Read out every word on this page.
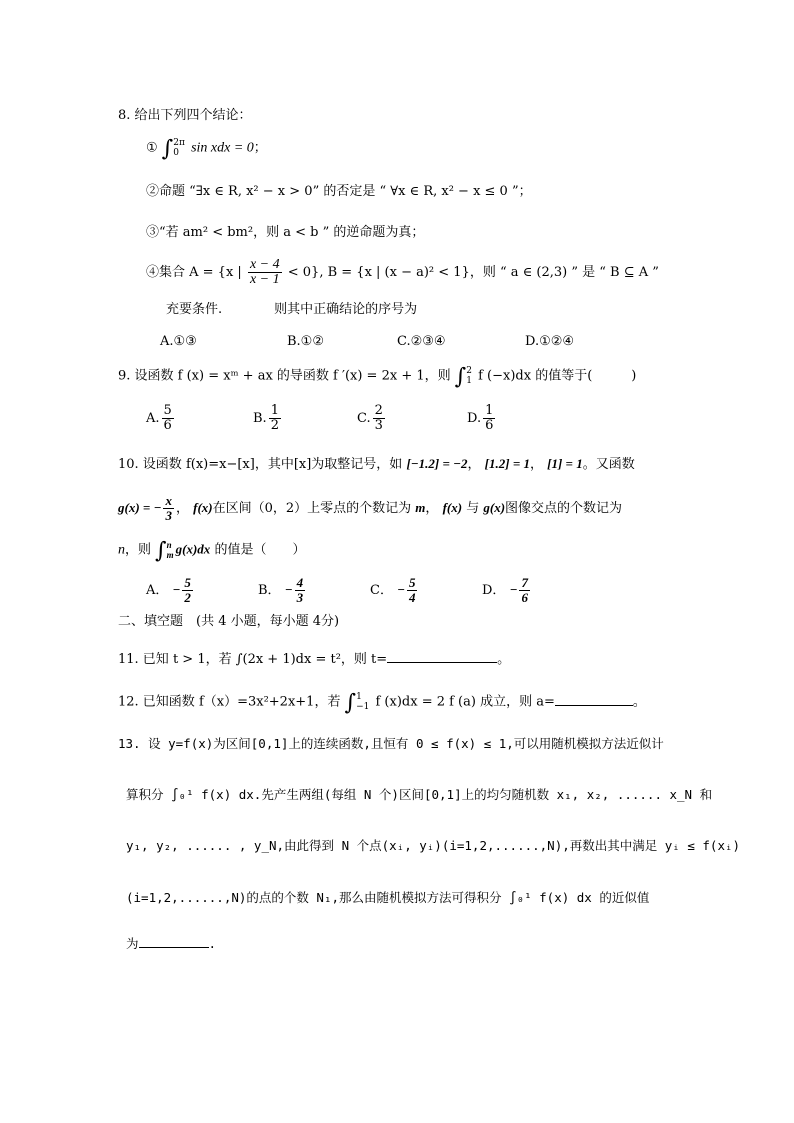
8. 给出下列四个结论：
① ∫ 2π
0 sin xdx = 0；
②命题 “∃x ∈ R, x² − x > 0” 的否定是 “ ∀x ∈ R, x² − x ≤ 0 ”；
③“若 am² < bm²，则 a < b ” 的逆命题为真；
④集合 A = {x | $\frac{x - 4}{x - 1} < 0$}, B = {x | (x − a)² < 1}，则 “ a ∈ (2,3) ” 是 “ B ⊆ A ”
充要条件.　　　　则其中正确结论的序号为
A.①③	B.①②	C.②③④	D.①②④
9. 设函数 f (x) = xᵐ + ax 的导函数 f ′(x) = 2x + 1，则 ∫ 2
1 f (−x)dx 的值等于(　　　)
A. $\frac{5}{6}$	B. $\frac{1}{2}$	C. $\frac{2}{3}$	D. $\frac{1}{6}$
10. 设函数 f(x)=x−[x]，其中[x]为取整记号，如 [−1.2] = −2， [1.2] = 1， [1] = 1。又函数
g(x) = − $\frac{x}{3}$ ， f(x)在区间（0，2）上零点的个数记为 m， f(x) 与 g(x)图像交点的个数记为
n，则 ∫ n
m g(x)dx 的值是（　　）
A． − $\frac{5}{2}$	B． − $\frac{4}{3}$	C． − $\frac{5}{4}$	D． − $\frac{7}{6}$
二、填空题　(共 4 小题，每小题 4分)
11. 已知 t > 1，若 ∫(2x + 1)dx = t²，则 t=	。
12. 已知函数 f（x）=3x²+2x+1，若 ∫ 1
−1 f (x)dx = 2 f (a) 成立，则 a=	。
13. 设 y=f(x)为区间[0,1]上的连续函数,且恒有 0 ≤ f(x) ≤ 1,可以用随机模拟方法近似计
算积分 ∫₀¹ f(x) dx.先产生两组(每组 N 个)区间[0,1]上的均匀随机数 x₁, x₂, ...... x_N 和
y₁, y₂, ...... , y_N,由此得到 N 个点(xᵢ, yᵢ)(i=1,2,......,N),再数出其中满足 yᵢ ≤ f(xᵢ)
(i=1,2,......,N)的点的个数 N₁,那么由随机模拟方法可得积分 ∫₀¹ f(x) dx 的近似值
为	.
